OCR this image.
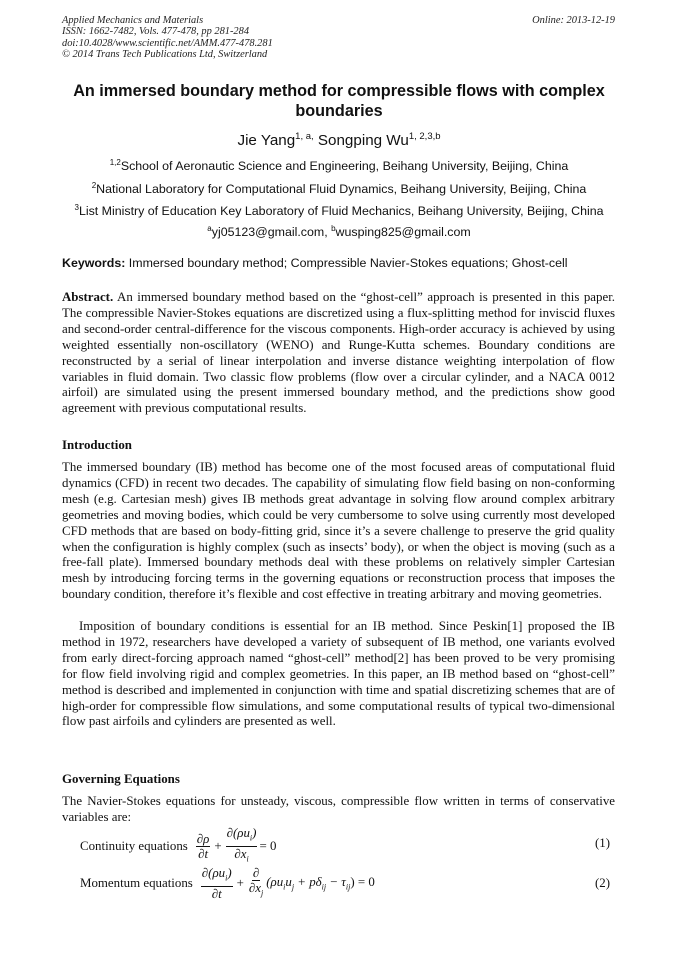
Applied Mechanics and Materials
ISSN: 1662-7482, Vols. 477-478, pp 281-284
doi:10.4028/www.scientific.net/AMM.477-478.281
© 2014 Trans Tech Publications Ltd, Switzerland
Online: 2013-12-19
An immersed boundary method for compressible flows with complex boundaries
Jie Yang$^{1, a,}$ Songping Wu$^{1, 2,3,b}$
$^{1,2}$School of Aeronautic Science and Engineering, Beihang University, Beijing, China
$^2$National Laboratory for Computational Fluid Dynamics, Beihang University, Beijing, China
$^3$List Ministry of Education Key Laboratory of Fluid Mechanics, Beihang University, Beijing, China
$^a$yj05123@gmail.com, $^b$wusping825@gmail.com
Keywords: Immersed boundary method; Compressible Navier-Stokes equations; Ghost-cell
Abstract. An immersed boundary method based on the “ghost-cell” approach is presented in this paper. The compressible Navier-Stokes equations are discretized using a flux-splitting method for inviscid fluxes and second-order central-difference for the viscous components. High-order accuracy is achieved by using weighted essentially non-oscillatory (WENO) and Runge-Kutta schemes. Boundary conditions are reconstructed by a serial of linear interpolation and inverse distance weighting interpolation of flow variables in fluid domain. Two classic flow problems (flow over a circular cylinder, and a NACA 0012 airfoil) are simulated using the present immersed boundary method, and the predictions show good agreement with previous computational results.
Introduction
The immersed boundary (IB) method has become one of the most focused areas of computational fluid dynamics (CFD) in recent two decades. The capability of simulating flow field basing on non-conforming mesh (e.g. Cartesian mesh) gives IB methods great advantage in solving flow around complex arbitrary geometries and moving bodies, which could be very cumbersome to solve using currently most developed CFD methods that are based on body-fitting grid, since it’s a severe challenge to preserve the grid quality when the configuration is highly complex (such as insects’ body), or when the object is moving (such as a free-fall plate). Immersed boundary methods deal with these problems on relatively simpler Cartesian mesh by introducing forcing terms in the governing equations or reconstruction process that imposes the boundary condition, therefore it’s flexible and cost effective in treating arbitrary and moving geometries.
Imposition of boundary conditions is essential for an IB method. Since Peskin[1] proposed the IB method in 1972, researchers have developed a variety of subsequent of IB method, one variants evolved from early direct-forcing approach named “ghost-cell” method[2] has been proved to be very promising for flow field involving rigid and complex geometries. In this paper, an IB method based on “ghost-cell” method is described and implemented in conjunction with time and spatial discretizing schemes that are of high-order for compressible flow simulations, and some computational results of typical two-dimensional flow past airfoils and cylinders are presented as well.
Governing Equations
The Navier-Stokes equations for unsteady, viscous, compressible flow written in terms of conservative variables are:
Continuity equations $\frac{\partial\rho}{\partial t} + \frac{\partial(\rho u_i)}{\partial x_i} = 0$	(1)
Momentum equations $\frac{\partial(\rho u_i)}{\partial t} + \frac{\partial}{\partial x_j} (\rho u_iu_j + p\delta_{ij} - \tau_{ij}) = 0$	(2)
